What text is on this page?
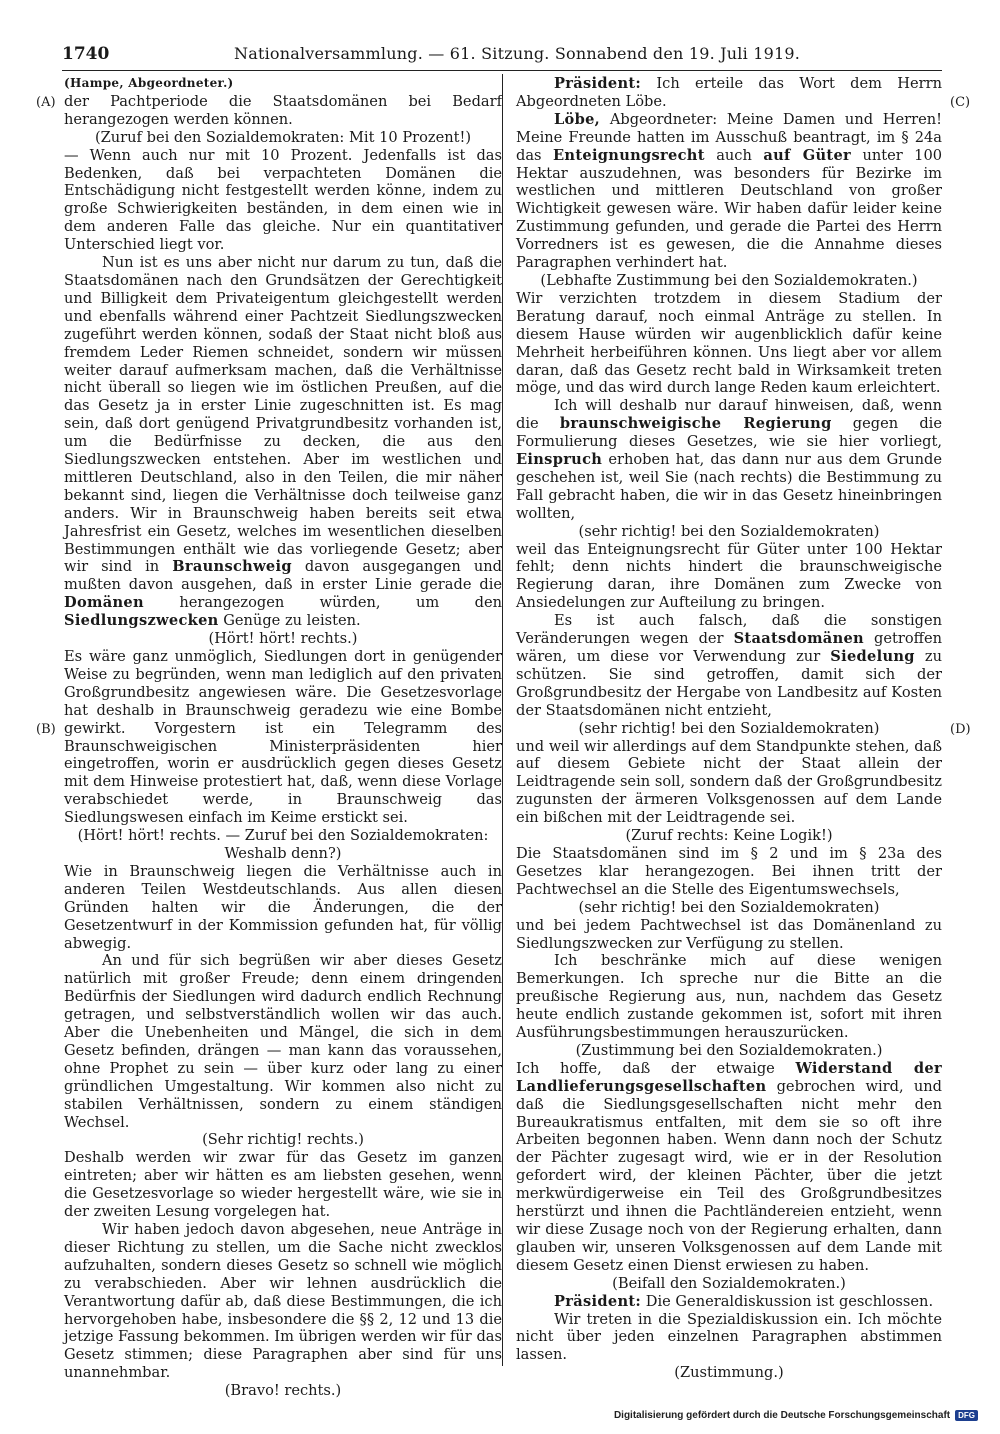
1740	Nationalversammlung. — 61. Sitzung. Sonnabend den 19. Juli 1919.
(A)
(B)
(C)
(D)

(Hampe, Abgeordneter.)

der Pachtperiode die Staatsdomänen bei Bedarf herangezogen werden können.

(Zuruf bei den Sozialdemokraten: Mit 10 Prozent!)

— Wenn auch nur mit 10 Prozent. Jedenfalls ist das Bedenken, daß bei verpachteten Domänen die Entschädigung nicht festgestellt werden könne, indem zu große Schwierigkeiten beständen, in dem einen wie in dem anderen Falle das gleiche. Nur ein quantitativer Unterschied liegt vor.

Nun ist es uns aber nicht nur darum zu tun, daß die Staatsdomänen nach den Grundsätzen der Gerechtigkeit und Billigkeit dem Privateigentum gleichgestellt werden und ebenfalls während einer Pachtzeit Siedlungszwecken zugeführt werden können, sodaß der Staat nicht bloß aus fremdem Leder Riemen schneidet, sondern wir müssen weiter darauf aufmerksam machen, daß die Verhältnisse nicht überall so liegen wie im östlichen Preußen, auf die das Gesetz ja in erster Linie zugeschnitten ist. Es mag sein, daß dort genügend Privatgrundbesitz vorhanden ist, um die Bedürfnisse zu decken, die aus den Siedlungszwecken entstehen. Aber im westlichen und mittleren Deutschland, also in den Teilen, die mir näher bekannt sind, liegen die Verhältnisse doch teilweise ganz anders. Wir in Braunschweig haben bereits seit etwa Jahresfrist ein Gesetz, welches im wesentlichen dieselben Bestimmungen enthält wie das vorliegende Gesetz; aber wir sind in Braunschweig davon ausgegangen und mußten davon ausgehen, daß in erster Linie gerade die Domänen herangezogen würden, um den Siedlungszwecken Genüge zu leisten.

(Hört! hört! rechts.)

Es wäre ganz unmöglich, Siedlungen dort in genügender Weise zu begründen, wenn man lediglich auf den privaten Großgrundbesitz angewiesen wäre. Die Gesetzesvorlage hat deshalb in Braunschweig geradezu wie eine Bombe gewirkt. Vorgestern ist ein Telegramm des Braunschweigischen Ministerpräsidenten hier eingetroffen, worin er ausdrücklich gegen dieses Gesetz mit dem Hinweise protestiert hat, daß, wenn diese Vorlage verabschiedet werde, in Braunschweig das Siedlungswesen einfach im Keime erstickt sei.

(Hört! hört! rechts. — Zuruf bei den Sozialdemokraten: Weshalb denn?)

Wie in Braunschweig liegen die Verhältnisse auch in anderen Teilen Westdeutschlands. Aus allen diesen Gründen halten wir die Änderungen, die der Gesetzentwurf in der Kommission gefunden hat, für völlig abwegig.

An und für sich begrüßen wir aber dieses Gesetz natürlich mit großer Freude; denn einem dringenden Bedürfnis der Siedlungen wird dadurch endlich Rechnung getragen, und selbstverständlich wollen wir das auch. Aber die Unebenheiten und Mängel, die sich in dem Gesetz befinden, drängen — man kann das voraussehen, ohne Prophet zu sein — über kurz oder lang zu einer gründlichen Umgestaltung. Wir kommen also nicht zu stabilen Verhältnissen, sondern zu einem ständigen Wechsel.

(Sehr richtig! rechts.)

Deshalb werden wir zwar für das Gesetz im ganzen eintreten; aber wir hätten es am liebsten gesehen, wenn die Gesetzesvorlage so wieder hergestellt wäre, wie sie in der zweiten Lesung vorgelegen hat.

Wir haben jedoch davon abgesehen, neue Anträge in dieser Richtung zu stellen, um die Sache nicht zwecklos aufzuhalten, sondern dieses Gesetz so schnell wie möglich zu verabschieden. Aber wir lehnen ausdrücklich die Verantwortung dafür ab, daß diese Bestimmungen, die ich hervorgehoben habe, insbesondere die §§ 2, 12 und 13 die jetzige Fassung bekommen. Im übrigen werden wir für das Gesetz stimmen; diese Paragraphen aber sind für uns unannehmbar.

(Bravo! rechts.)

Präsident: Ich erteile das Wort dem Herrn Abgeordneten Löbe.

Löbe, Abgeordneter: Meine Damen und Herren! Meine Freunde hatten im Ausschuß beantragt, im § 24a das Enteignungsrecht auch auf Güter unter 100 Hektar auszudehnen, was besonders für Bezirke im westlichen und mittleren Deutschland von großer Wichtigkeit gewesen wäre. Wir haben dafür leider keine Zustimmung gefunden, und gerade die Partei des Herrn Vorredners ist es gewesen, die die Annahme dieses Paragraphen verhindert hat.

(Lebhafte Zustimmung bei den Sozialdemokraten.)

Wir verzichten trotzdem in diesem Stadium der Beratung darauf, noch einmal Anträge zu stellen. In diesem Hause würden wir augenblicklich dafür keine Mehrheit herbeiführen können. Uns liegt aber vor allem daran, daß das Gesetz recht bald in Wirksamkeit treten möge, und das wird durch lange Reden kaum erleichtert.

Ich will deshalb nur darauf hinweisen, daß, wenn die braunschweigische Regierung gegen die Formulierung dieses Gesetzes, wie sie hier vorliegt, Einspruch erhoben hat, das dann nur aus dem Grunde geschehen ist, weil Sie (nach rechts) die Bestimmung zu Fall gebracht haben, die wir in das Gesetz hineinbringen wollten,

(sehr richtig! bei den Sozialdemokraten)

weil das Enteignungsrecht für Güter unter 100 Hektar fehlt; denn nichts hindert die braunschweigische Regierung daran, ihre Domänen zum Zwecke von Ansiedelungen zur Aufteilung zu bringen.

Es ist auch falsch, daß die sonstigen Veränderungen wegen der Staatsdomänen getroffen wären, um diese vor Verwendung zur Siedelung zu schützen. Sie sind getroffen, damit sich der Großgrundbesitz der Hergabe von Landbesitz auf Kosten der Staatsdomänen nicht entzieht,

(sehr richtig! bei den Sozialdemokraten)

und weil wir allerdings auf dem Standpunkte stehen, daß auf diesem Gebiete nicht der Staat allein der Leidtragende sein soll, sondern daß der Großgrundbesitz zugunsten der ärmeren Volksgenossen auf dem Lande ein bißchen mit der Leidtragende sei.

(Zuruf rechts: Keine Logik!)

Die Staatsdomänen sind im § 2 und im § 23a des Gesetzes klar herangezogen. Bei ihnen tritt der Pachtwechsel an die Stelle des Eigentumswechsels,

(sehr richtig! bei den Sozialdemokraten)

und bei jedem Pachtwechsel ist das Domänenland zu Siedlungszwecken zur Verfügung zu stellen.

Ich beschränke mich auf diese wenigen Bemerkungen. Ich spreche nur die Bitte an die preußische Regierung aus, nun, nachdem das Gesetz heute endlich zustande gekommen ist, sofort mit ihren Ausführungsbestimmungen herauszurücken.

(Zustimmung bei den Sozialdemokraten.)

Ich hoffe, daß der etwaige Widerstand der Landlieferungsgesellschaften gebrochen wird, und daß die Siedlungsgesellschaften nicht mehr den Bureaukratismus entfalten, mit dem sie so oft ihre Arbeiten begonnen haben. Wenn dann noch der Schutz der Pächter zugesagt wird, wie er in der Resolution gefordert wird, der kleinen Pächter, über die jetzt merkwürdigerweise ein Teil des Großgrundbesitzes herstürzt und ihnen die Pachtländereien entzieht, wenn wir diese Zusage noch von der Regierung erhalten, dann glauben wir, unseren Volksgenossen auf dem Lande mit diesem Gesetz einen Dienst erwiesen zu haben.

(Beifall den Sozialdemokraten.)

Präsident: Die Generaldiskussion ist geschlossen.

Wir treten in die Spezialdiskussion ein. Ich möchte nicht über jeden einzelnen Paragraphen abstimmen lassen.

(Zustimmung.)

Digitalisierung gefördert durch die Deutsche Forschungsgemeinschaft	DFG
